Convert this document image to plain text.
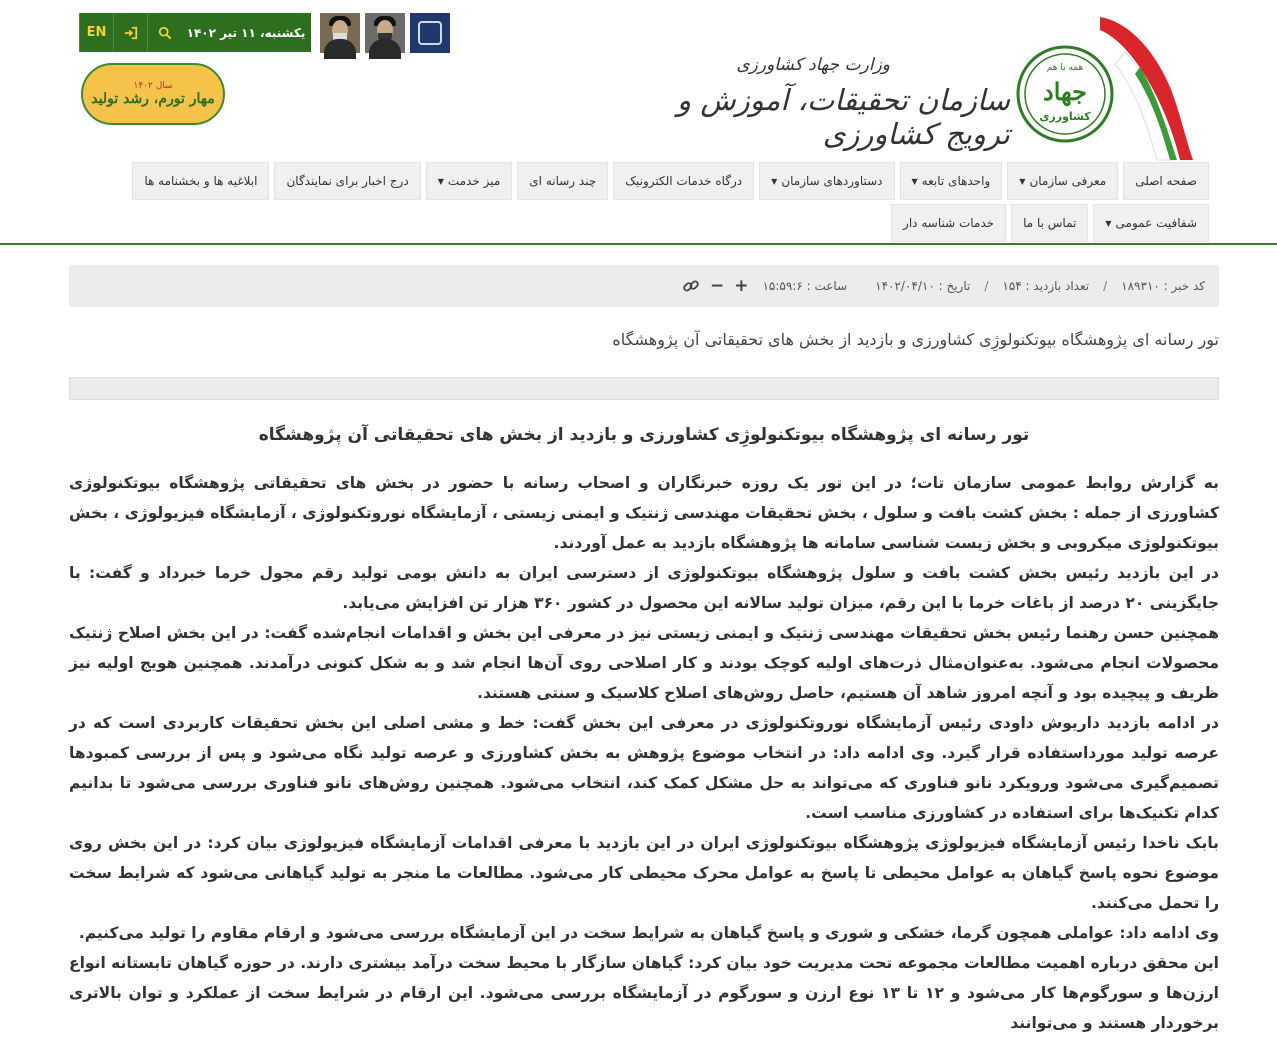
EN	یکشنبه، ۱۱ تیر ۱۴۰۲
سال ۱۴۰۲
مهار تورم، رشد تولید
وزارت جهاد کشاورزی
سازمان تحقیقات، آموزش و ترویج کشاورزی
همه با هم
جهاد
کشاورزی
صفحه اصلی
معرفی سازمان
▼
واحدهای تابعه
▼
دستاوردهای سازمان
▼
درگاه خدمات الکترونیک
چند رسانه ای
میز خدمت
▼
درج اخبار برای نمایندگان
ابلاغیه ها و بخشنامه ها
شفافیت عمومی
▼
تماس با ما
خدمات شناسه دار
کد خبر : ۱۸۹۳۱۰
/
تعداد بازدید : ۱۵۴
/
تاریخ : ۱۴۰۲/۰۴/۱۰
ساعت : ۱۵:۵۹:۶
− +
تور رسانه ای پژوهشگاه بیوتکنولوژِی کشاورزی و بازدید از بخش های تحقیقاتی آن پژوهشگاه
تور رسانه ای پژوهشگاه بیوتکنولوژِی کشاورزی و بازدید از بخش های تحقیقاتی آن پژوهشگاه

به گزارش روابط عمومی سازمان تات؛ در این تور یک روزه خبرنگاران و اصحاب رسانه با حضور در بخش های تحقیقاتی پژوهشگاه بیوتکنولوژی کشاورزی از جمله : بخش کشت بافت و سلول ، بخش تحقیقات مهندسی ژنتیک و ایمنی زیستی ، آزمایشگاه نوروتکنولوژی ، آزمایشگاه فیزیولوژی ، بخش بیوتکنولوژی میکروبی و بخش زیست شناسی سامانه ها پژوهشگاه بازدید به عمل آوردند.

در این بازدید رئیس بخش کشت بافت و سلول پژوهشگاه بیوتکنولوژی از دسترسی ایران به دانش بومی تولید رقم مجول خرما خبرداد و گفت: با جایگزینی ۲۰ درصد از باغات خرما با این رقم، میزان تولید سالانه این محصول در کشور ۳۶۰ هزار تن افزایش می‌یابد.

همچنین حسن رهنما رئیس بخش تحقیقات مهندسی ژنتیک و ایمنی زیستی نیز در معرفی این بخش و اقدامات انجام‌شده گفت: در این بخش اصلاح ژنتیک محصولات انجام می‌شود. به‌عنوان‌مثال ذرت‌های اولیه کوچک بودند و کار اصلاحی روی آن‌ها انجام شد و به شکل کنونی درآمدند. همچنین هویج اولیه نیز ظریف و پیچیده بود و آنچه امروز شاهد آن هستیم، حاصل روش‌های اصلاح کلاسیک و سنتی هستند.

در ادامه بازدید داریوش داودی رئیس آزمایشگاه نوروتکنولوژی در معرفی این بخش گفت: خط و مشی اصلی این بخش تحقیقات کاربردی است که در عرصه تولید مورداستفاده قرار گیرد. وی ادامه داد: در انتخاب موضوع پژوهش به بخش کشاورزی و عرصه تولید نگاه می‌شود و پس از بررسی کمبودها تصمیم‌گیری می‌شود ورویکرد نانو فناوری که می‌تواند به حل مشکل کمک کند، انتخاب می‌شود. همچنین روش‌های نانو فناوری بررسی می‌شود تا بدانیم کدام تکنیک‌ها برای استفاده در کشاورزی مناسب است.

بابک ناخدا رئیس آزمایشگاه فیزیولوژی پژوهشگاه بیوتکنولوژی ایران در این بازدید با معرفی اقدامات آزمایشگاه فیزیولوژی بیان کرد: در این بخش روی موضوع نحوه پاسخ گیاهان به عوامل محیطی تا پاسخ به عوامل محرک محیطی کار می‌شود. مطالعات ما منجر به تولید گیاهانی می‌شود که شرایط سخت را تحمل می‌کنند.

وی ادامه داد: عواملی همچون گرما، خشکی و شوری و پاسخ گیاهان به شرایط سخت در این آزمایشگاه بررسی می‌شود و ارقام مقاوم را تولید می‌کنیم.

این محقق درباره اهمیت مطالعات مجموعه تحت مدیریت خود بیان کرد: گیاهان سازگار با محیط سخت درآمد بیشتری دارند. در حوزه گیاهان تابستانه انواع ارزن‌ها و سورگوم‌ها کار می‌شود و ۱۲ تا ۱۳ نوع ارزن و سورگوم در آزمایشگاه بررسی می‌شود. این ارقام در شرایط سخت از عملکرد و توان بالاتری برخوردار هستند و می‌توانند
